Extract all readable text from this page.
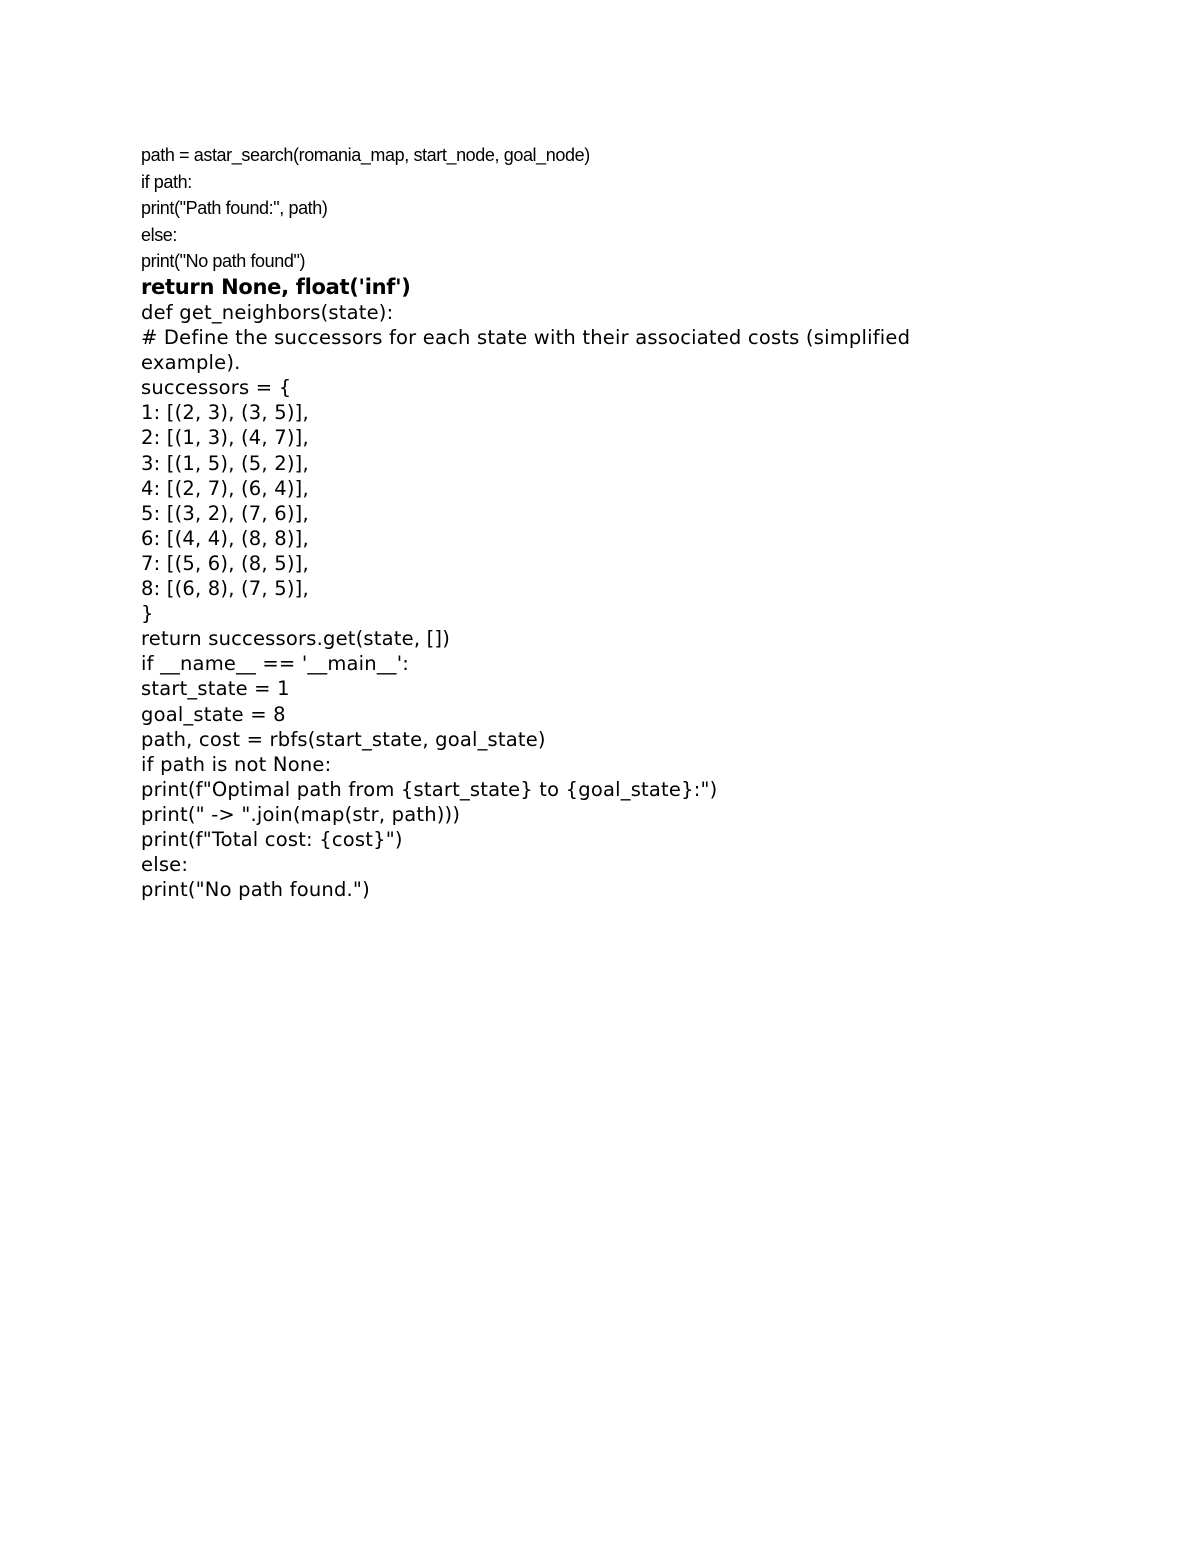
path = astar_search(romania_map, start_node, goal_node)
if path:
print("Path found:", path)
else:
print("No path found")
return None, float('inf')
def get_neighbors(state):
# Define the successors for each state with their associated costs (simplified
example).
successors = {
1: [(2, 3), (3, 5)],
2: [(1, 3), (4, 7)],
3: [(1, 5), (5, 2)],
4: [(2, 7), (6, 4)],
5: [(3, 2), (7, 6)],
6: [(4, 4), (8, 8)],
7: [(5, 6), (8, 5)],
8: [(6, 8), (7, 5)],
}
return successors.get(state, [])
if __name__ == '__main__':
start_state = 1
goal_state = 8
path, cost = rbfs(start_state, goal_state)
if path is not None:
print(f"Optimal path from {start_state} to {goal_state}:")
print(" -> ".join(map(str, path)))
print(f"Total cost: {cost}")
else:
print("No path found.")
